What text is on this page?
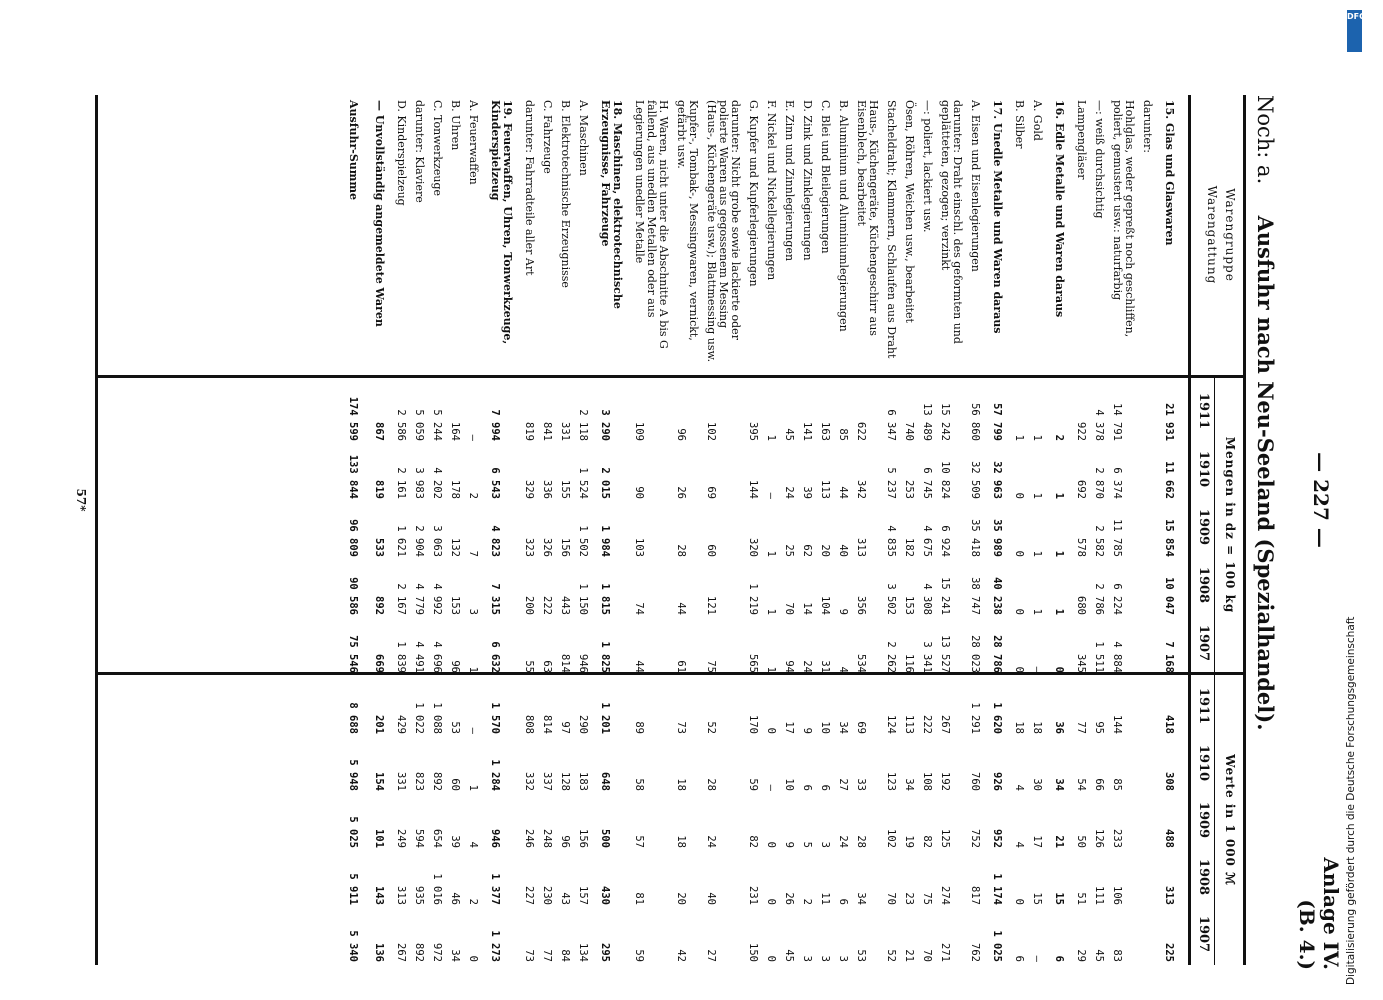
— 227 —
Anlage IV.
(B. 4.)
Noch: a.  Ausfuhr nach Neu-Seeland (Spezialhandel).
Warengruppe
Warengattung
Mengen in dz = 100 kg
Werte in 1 000 ℳ
1911
1911
1910
1910
1909
1909
1908
1908
1907
1907
15. Glas und Glaswaren
21 931
11 662
15 854
10 047
7 168
418
308
488
313
225
darunter:
Hohlglas, weder gepreßt noch geschliffen, poliert, gemustert usw.: naturfarbig
14 791
6 374
11 785
6 224
4 884
144
85
233
106
83
—: weiß durchsichtig
4 378
2 870
2 582
2 786
1 511
95
66
126
111
45
Lampengläser
922
692
578
680
345
77
54
50
51
29
16. Edle Metalle und Waren daraus
2
1
1
1
0
36
34
21
15
6
A. Gold
1
1
1
1
—
18
30
17
15
—
B. Silber
1
0
0
0
0
18
4
4
0
6
17. Unedle Metalle und Waren daraus
57 799
32 963
35 989
40 238
28 786
1 620
926
952
1 174
1 025
A. Eisen und Eisenlegierungen
56 860
32 509
35 418
38 747
28 023
1 291
760
752
817
762
darunter: Draht einschl. des geformten und geplätteten, gezogen; verzinkt
15 242
10 824
6 924
15 241
13 527
267
192
125
274
271
—: poliert, lackiert usw.
13 489
6 745
4 675
4 308
3 341
222
108
82
75
70
Ösen, Röhren, Weichen usw., bearbeitet
740
253
182
153
116
113
34
19
23
21
Stacheldraht; Klammern, Schlaufen aus Draht
6 347
5 237
4 835
3 502
2 262
124
123
102
70
52
Haus-, Küchengeräte, Küchengeschirr aus Eisenblech, bearbeitet
622
342
313
356
534
69
33
28
34
53
B. Aluminium und Aluminiumlegierungen
85
44
40
9
4
34
27
24
6
3
C. Blei und Bleilegierungen
163
113
20
104
31
10
6
3
11
3
D. Zink und Zinklegierungen
141
39
62
14
24
9
6
5
2
3
E. Zinn und Zinnlegierungen
45
24
25
70
94
17
10
9
26
45
F. Nickel und Nickellegierungen
1
—
1
1
1
0
—
0
0
0
G. Kupfer und Kupferlegierungen
395
144
320
1 219
565
170
59
82
231
150
darunter: Nicht grobe sowie lackierte oder polierte Waren aus gegossenem Messing (Haus-, Küchengeräte usw.); Blattmessing usw.
102
69
60
121
75
52
28
24
40
27
Kupfer-, Tombak-, Messingwaren, vernickt, gefärbt usw.
96
26
28
44
61
73
18
18
20
42
H. Waren, nicht unter die Abschnitte A bis G fallend, aus unedlen Metallen oder aus Legierungen unedler Metalle
109
90
103
74
44
89
58
57
81
59
18. Maschinen, elektrotechnische Erzeugnisse, Fahrzeuge
3 290
2 015
1 984
1 815
1 825
1 201
648
500
430
295
A. Maschinen
2 118
1 524
1 502
1 150
946
290
183
156
157
134
B. Elektrotechnische Erzeugnisse
331
155
156
443
814
97
128
96
43
84
C. Fahrzeuge
841
336
326
222
63
814
337
248
230
77
darunter: Fahrradteile aller Art
819
329
323
200
55
808
332
246
227
73
19. Feuerwaffen, Uhren, Tonwerkzeuge, Kinderspielzeug
7 994
6 543
4 823
7 315
6 632
1 570
1 284
946
1 377
1 273
A. Feuerwaffen
—
2
7
3
1
—
1
4
2
0
B. Uhren
164
178
132
153
96
53
60
39
46
34
C. Tonwerkzeuge
5 244
4 202
3 063
4 992
4 696
1 088
892
654
1 016
972
darunter: Klaviere
5 059
3 983
2 904
4 779
4 491
1 022
823
594
935
892
D. Kinderspielzeug
2 586
2 161
1 621
2 167
1 839
429
331
249
313
267
— Unvollständig angemeldete Waren
867
819
533
892
669
201
154
101
143
136
Ausfuhr-Summe
174 599
133 844
96 809
90 586
75 546
8 688
5 948
5 025
5 911
5 340
57*
DFG
Digitalisierung gefördert durch die Deutsche Forschungsgemeinschaft
